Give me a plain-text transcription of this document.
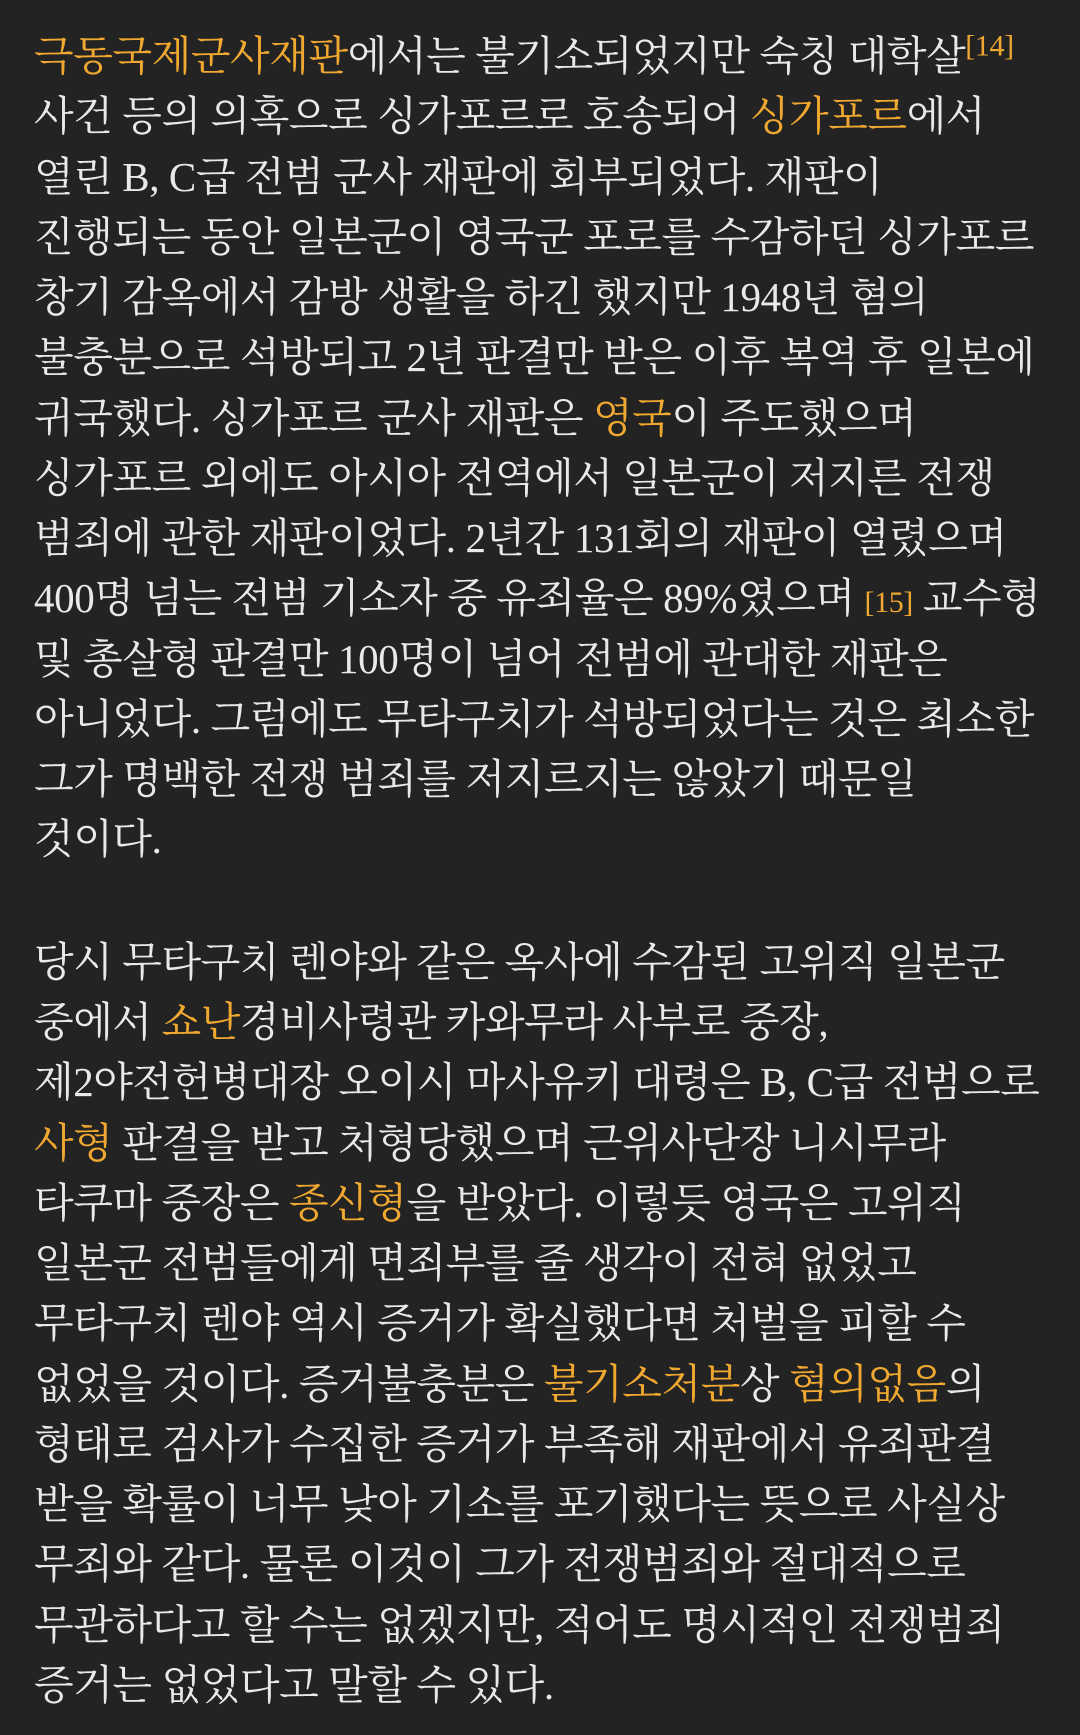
극동국제군사재판에서는 불기소되었지만 숙칭 대학살[14] 사건 등의 의혹으로 싱가포르로 호송되어 싱가포르에서 열린 B, C급 전범 군사 재판에 회부되었다. 재판이 진행되는 동안 일본군이 영국군 포로를 수감하던 싱가포르 창기 감옥에서 감방 생활을 하긴 했지만 1948년 혐의 불충분으로 석방되고 2년 판결만 받은 이후 복역 후 일본에 귀국했다. 싱가포르 군사 재판은 영국이 주도했으며 싱가포르 외에도 아시아 전역에서 일본군이 저지른 전쟁 범죄에 관한 재판이었다. 2년간 131회의 재판이 열렸으며 400명 넘는 전범 기소자 중 유죄율은 89%였으며 [15] 교수형 및 총살형 판결만 100명이 넘어 전범에 관대한 재판은 아니었다. 그럼에도 무타구치가 석방되었다는 것은 최소한 그가 명백한 전쟁 범죄를 저지르지는 않았기 때문일 것이다.

당시 무타구치 렌야와 같은 옥사에 수감된 고위직 일본군 중에서 쇼난경비사령관 카와무라 사부로 중장, 제2야전헌병대장 오이시 마사유키 대령은 B, C급 전범으로 사형 판결을 받고 처형당했으며 근위사단장 니시무라 타쿠마 중장은 종신형을 받았다. 이렇듯 영국은 고위직 일본군 전범들에게 면죄부를 줄 생각이 전혀 없었고 무타구치 렌야 역시 증거가 확실했다면 처벌을 피할 수 없었을 것이다. 증거불충분은 불기소처분상 혐의없음의 형태로 검사가 수집한 증거가 부족해 재판에서 유죄판결 받을 확률이 너무 낮아 기소를 포기했다는 뜻으로 사실상 무죄와 같다. 물론 이것이 그가 전쟁범죄와 절대적으로 무관하다고 할 수는 없겠지만, 적어도 명시적인 전쟁범죄 증거는 없었다고 말할 수 있다.
